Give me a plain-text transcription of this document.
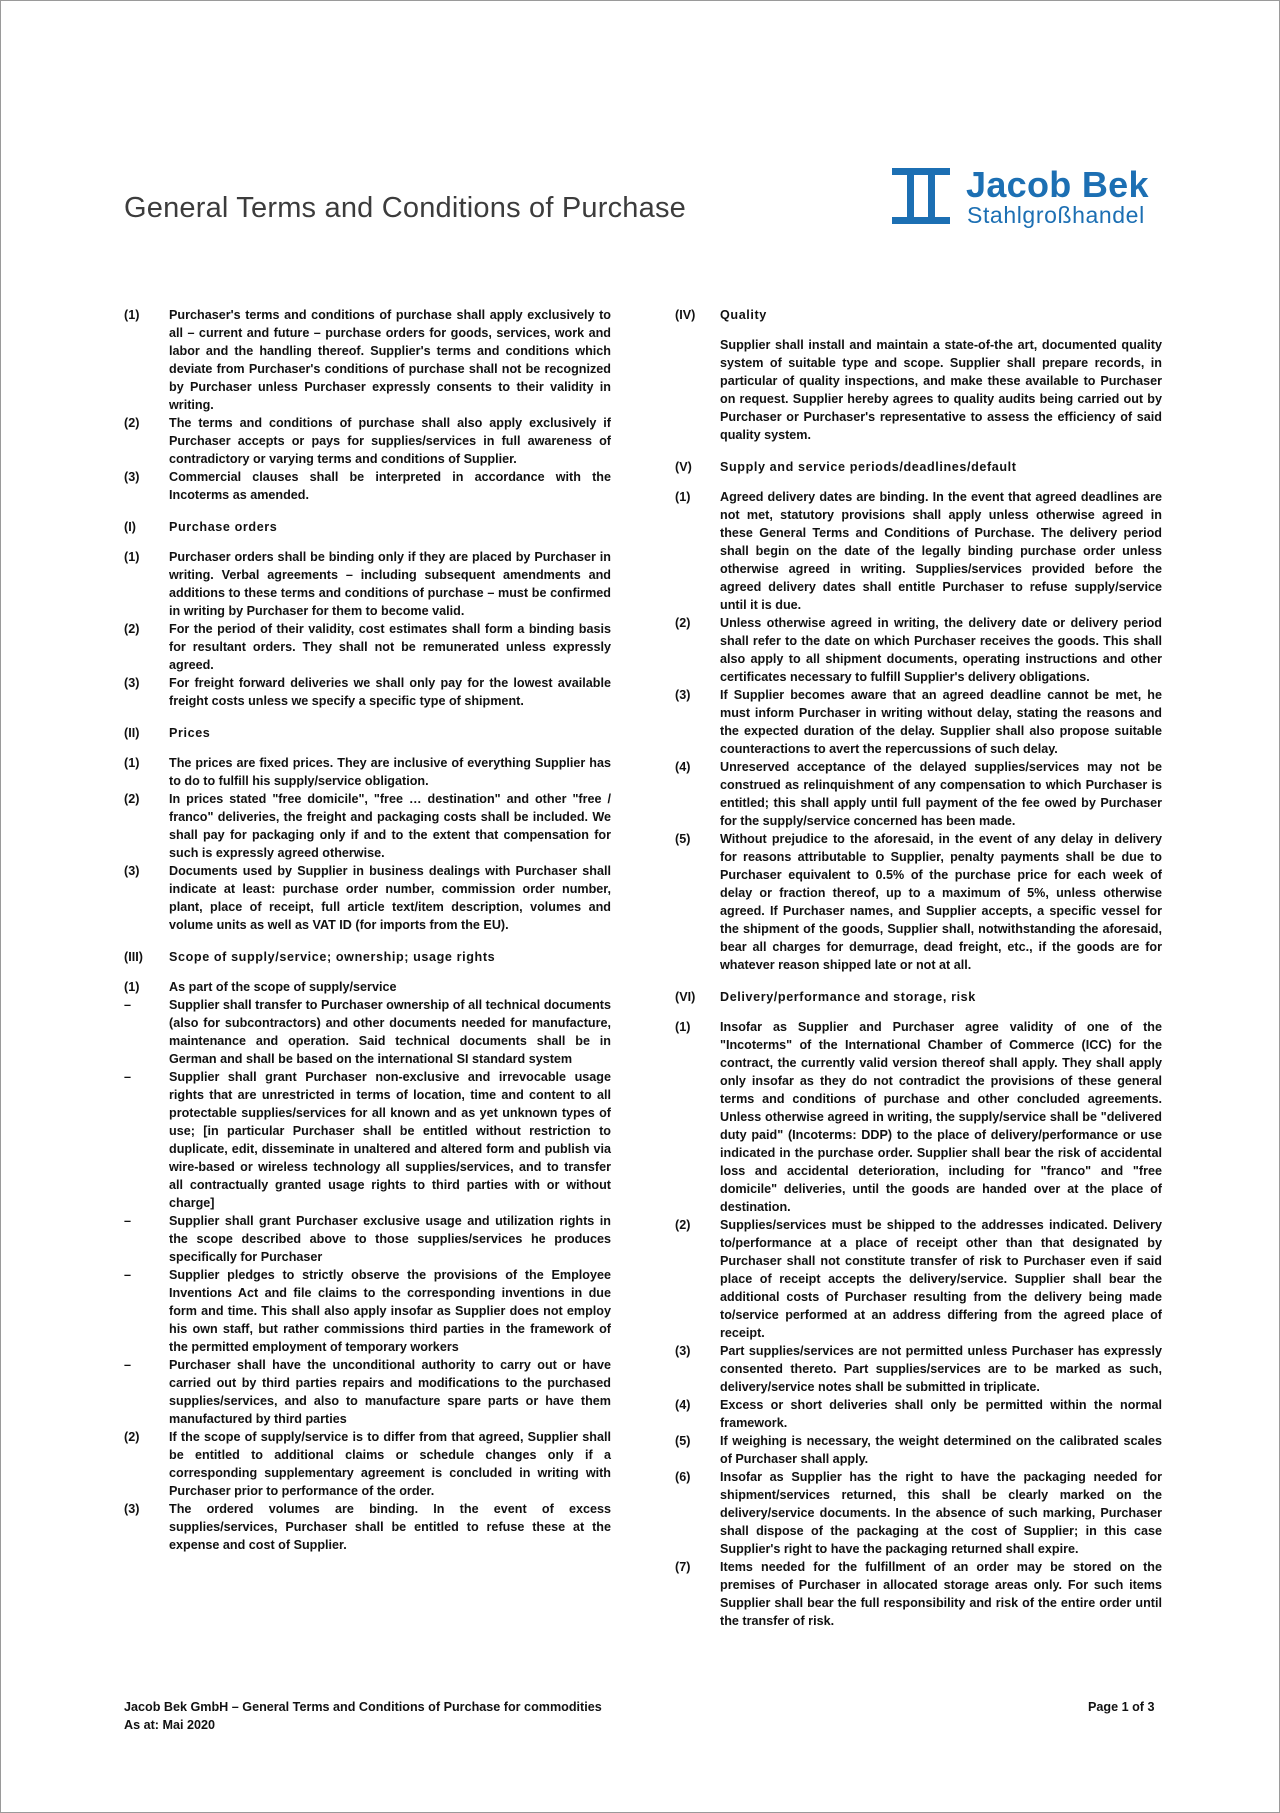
General Terms and Conditions of Purchase
Jacob Bek
Stahlgroßhandel
(1)	Purchaser's terms and conditions of purchase shall apply exclusively to all – current and future – purchase orders for goods, services, work and labor and the handling thereof. Supplier's terms and conditions which deviate from Purchaser's conditions of purchase shall not be recognized by Purchaser unless Purchaser expressly consents to their validity in writing.
(2)	The terms and conditions of purchase shall also apply exclusively if Purchaser accepts or pays for supplies/services in full awareness of contradictory or varying terms and conditions of Supplier.
(3)	Commercial clauses shall be interpreted in accordance with the Incoterms as amended.
(I)	Purchase orders
(1)	Purchaser orders shall be binding only if they are placed by Purchaser in writing. Verbal agreements – including subsequent amendments and additions to these terms and conditions of purchase – must be confirmed in writing by Purchaser for them to become valid.
(2)	For the period of their validity, cost estimates shall form a binding basis for resultant orders. They shall not be remunerated unless expressly agreed.
(3)	For freight forward deliveries we shall only pay for the lowest available freight costs unless we specify a specific type of shipment.
(II)	Prices
(1)	The prices are fixed prices. They are inclusive of everything Supplier has to do to fulfill his supply/service obligation.
(2)	In prices stated "free domicile", "free … destination" and other "free / franco" deliveries, the freight and packaging costs shall be included. We shall pay for packaging only if and to the extent that compensation for such is expressly agreed otherwise.
(3)	Documents used by Supplier in business dealings with Purchaser shall indicate at least: purchase order number, commission order number, plant, place of receipt, full article text/item description, volumes and volume units as well as VAT ID (for imports from the EU).
(III)	Scope of supply/service; ownership; usage rights
(1)	As part of the scope of supply/service
–	Supplier shall transfer to Purchaser ownership of all technical documents (also for subcontractors) and other documents needed for manufacture, maintenance and operation. Said technical documents shall be in German and shall be based on the international SI standard system
–	Supplier shall grant Purchaser non-exclusive and irrevocable usage rights that are unrestricted in terms of location, time and content to all protectable supplies/services for all known and as yet unknown types of use; [in particular Purchaser shall be entitled without restriction to duplicate, edit, disseminate in unaltered and altered form and publish via wire-based or wireless technology all supplies/services, and to transfer all contractually granted usage rights to third parties with or without charge]
–	Supplier shall grant Purchaser exclusive usage and utilization rights in the scope described above to those supplies/services he produces specifically for Purchaser
–	Supplier pledges to strictly observe the provisions of the Employee Inventions Act and file claims to the corresponding inventions in due form and time. This shall also apply insofar as Supplier does not employ his own staff, but rather commissions third parties in the framework of the permitted employment of temporary workers
–	Purchaser shall have the unconditional authority to carry out or have carried out by third parties repairs and modifications to the purchased supplies/services, and also to manufacture spare parts or have them manufactured by third parties
(2)	If the scope of supply/service is to differ from that agreed, Supplier shall be entitled to additional claims or schedule changes only if a corresponding supplementary agreement is concluded in writing with Purchaser prior to performance of the order.
(3)	The ordered volumes are binding. In the event of excess supplies/services, Purchaser shall be entitled to refuse these at the expense and cost of Supplier.
(IV)	Quality
Supplier shall install and maintain a state-of-the art, documented quality system of suitable type and scope. Supplier shall prepare records, in particular of quality inspections, and make these available to Purchaser on request. Supplier hereby agrees to quality audits being carried out by Purchaser or Purchaser's representative to assess the efficiency of said quality system.
(V)	Supply and service periods/deadlines/default
(1)	Agreed delivery dates are binding. In the event that agreed deadlines are not met, statutory provisions shall apply unless otherwise agreed in these General Terms and Conditions of Purchase. The delivery period shall begin on the date of the legally binding purchase order unless otherwise agreed in writing. Supplies/services provided before the agreed delivery dates shall entitle Purchaser to refuse supply/service until it is due.
(2)	Unless otherwise agreed in writing, the delivery date or delivery period shall refer to the date on which Purchaser receives the goods. This shall also apply to all shipment documents, operating instructions and other certificates necessary to fulfill Supplier's delivery obligations.
(3)	If Supplier becomes aware that an agreed deadline cannot be met, he must inform Purchaser in writing without delay, stating the reasons and the expected duration of the delay. Supplier shall also propose suitable counteractions to avert the repercussions of such delay.
(4)	Unreserved acceptance of the delayed supplies/services may not be construed as relinquishment of any compensation to which Purchaser is entitled; this shall apply until full payment of the fee owed by Purchaser for the supply/service concerned has been made.
(5)	Without prejudice to the aforesaid, in the event of any delay in delivery for reasons attributable to Supplier, penalty payments shall be due to Purchaser equivalent to 0.5% of the purchase price for each week of delay or fraction thereof, up to a maximum of 5%, unless otherwise agreed. If Purchaser names, and Supplier accepts, a specific vessel for the shipment of the goods, Supplier shall, notwithstanding the aforesaid, bear all charges for demurrage, dead freight, etc., if the goods are for whatever reason shipped late or not at all.
(VI)	Delivery/performance and storage, risk
(1)	Insofar as Supplier and Purchaser agree validity of one of the "Incoterms" of the International Chamber of Commerce (ICC) for the contract, the currently valid version thereof shall apply. They shall apply only insofar as they do not contradict the provisions of these general terms and conditions of purchase and other concluded agreements. Unless otherwise agreed in writing, the supply/service shall be "delivered duty paid" (Incoterms: DDP) to the place of delivery/performance or use indicated in the purchase order. Supplier shall bear the risk of accidental loss and accidental deterioration, including for "franco" and "free domicile" deliveries, until the goods are handed over at the place of destination.
(2)	Supplies/services must be shipped to the addresses indicated. Delivery to/performance at a place of receipt other than that designated by Purchaser shall not constitute transfer of risk to Purchaser even if said place of receipt accepts the delivery/service. Supplier shall bear the additional costs of Purchaser resulting from the delivery being made to/service performed at an address differing from the agreed place of receipt.
(3)	Part supplies/services are not permitted unless Purchaser has expressly consented thereto. Part supplies/services are to be marked as such, delivery/service notes shall be submitted in triplicate.
(4)	Excess or short deliveries shall only be permitted within the normal framework.
(5)	If weighing is necessary, the weight determined on the calibrated scales of Purchaser shall apply.
(6)	Insofar as Supplier has the right to have the packaging needed for shipment/services returned, this shall be clearly marked on the delivery/service documents. In the absence of such marking, Purchaser shall dispose of the packaging at the cost of Supplier; in this case Supplier's right to have the packaging returned shall expire.
(7)	Items needed for the fulfillment of an order may be stored on the premises of Purchaser in allocated storage areas only. For such items Supplier shall bear the full responsibility and risk of the entire order until the transfer of risk.
Jacob Bek GmbH – General Terms and Conditions of Purchase for commodities
As at: Mai 2020
Page 1 of 3
